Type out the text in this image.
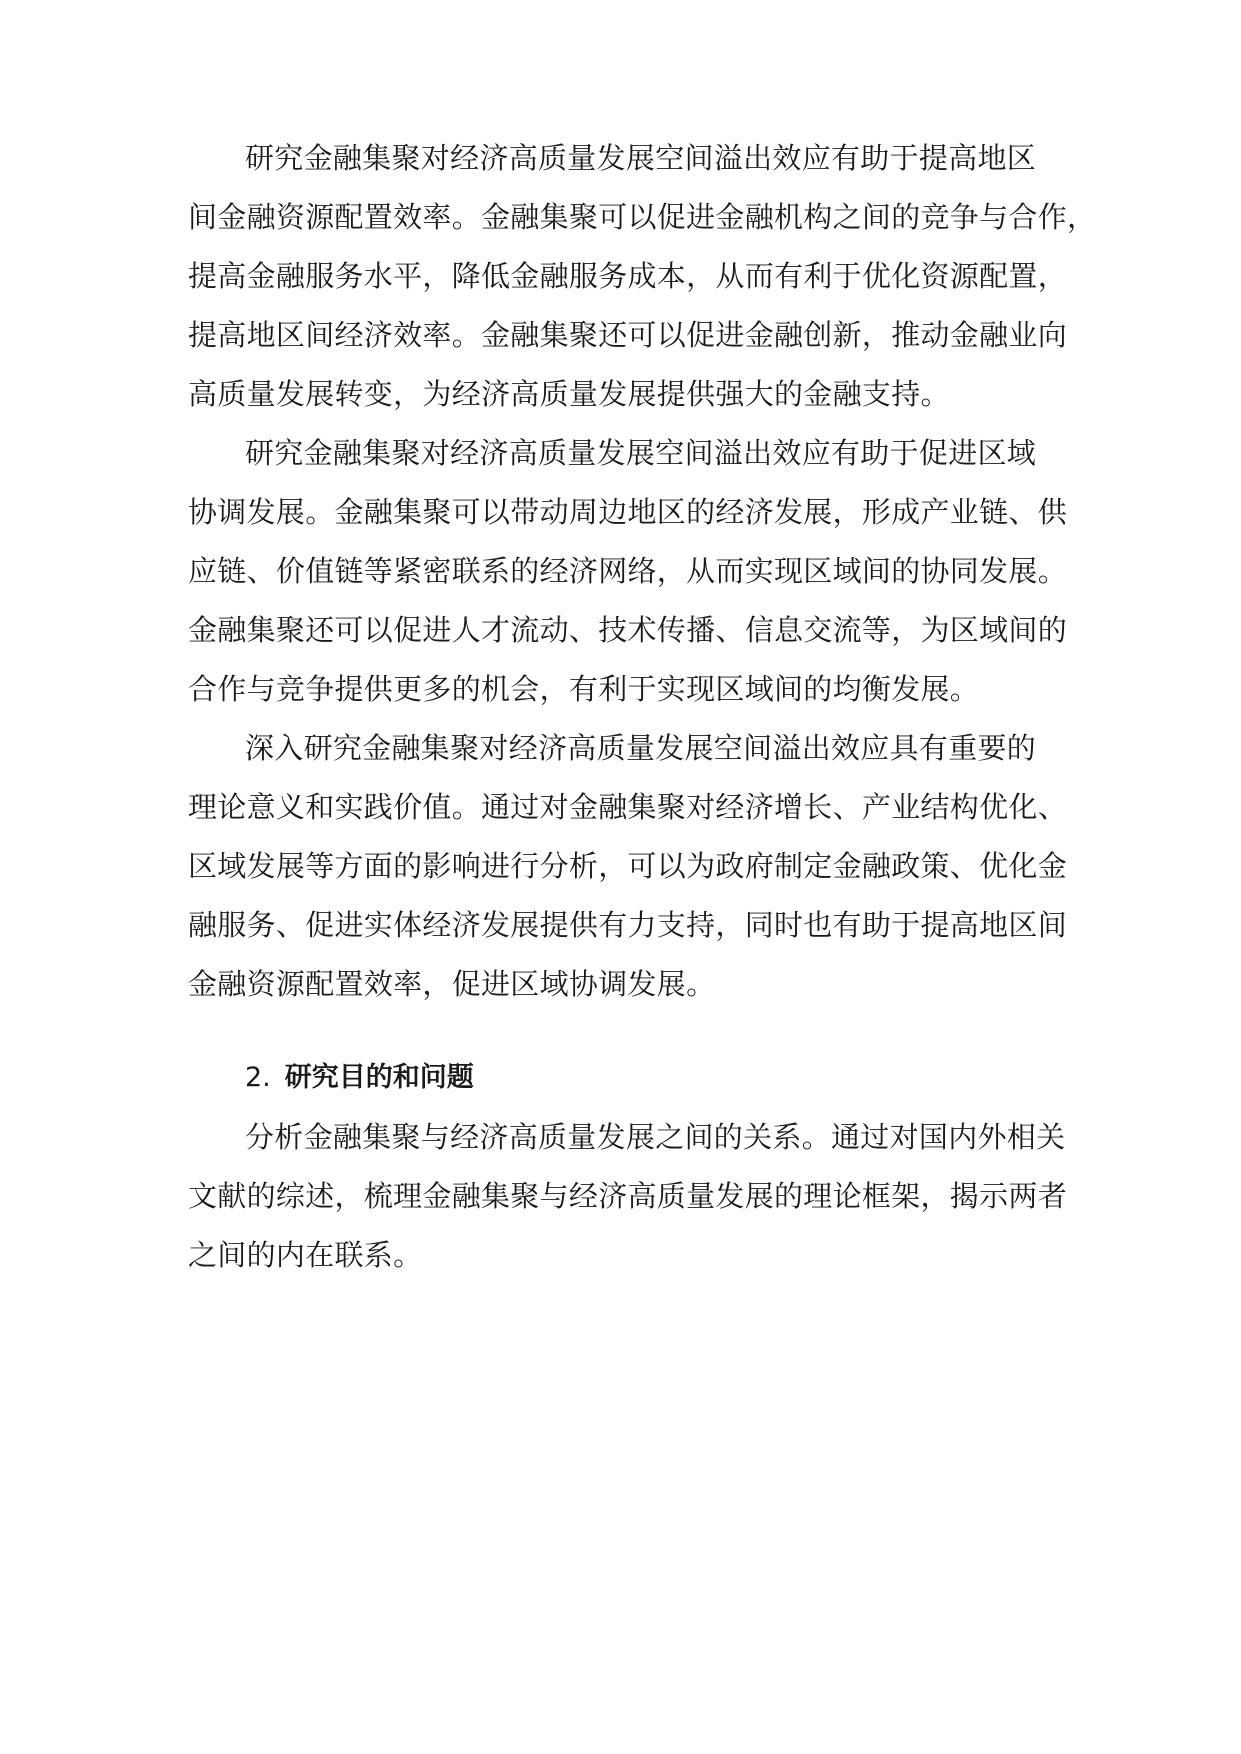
研究金融集聚对经济高质量发展空间溢出效应有助于提高地区
间金融资源配置效率。金融集聚可以促进金融机构之间的竞争与合作，
提高金融服务水平，降低金融服务成本，从而有利于优化资源配置，
提高地区间经济效率。金融集聚还可以促进金融创新，推动金融业向
高质量发展转变，为经济高质量发展提供强大的金融支持。
研究金融集聚对经济高质量发展空间溢出效应有助于促进区域
协调发展。金融集聚可以带动周边地区的经济发展，形成产业链、供
应链、价值链等紧密联系的经济网络，从而实现区域间的协同发展。
金融集聚还可以促进人才流动、技术传播、信息交流等，为区域间的
合作与竞争提供更多的机会，有利于实现区域间的均衡发展。
深入研究金融集聚对经济高质量发展空间溢出效应具有重要的
理论意义和实践价值。通过对金融集聚对经济增长、产业结构优化、
区域发展等方面的影响进行分析，可以为政府制定金融政策、优化金
融服务、促进实体经济发展提供有力支持，同时也有助于提高地区间
金融资源配置效率，促进区域协调发展。
2. 研究目的和问题
分析金融集聚与经济高质量发展之间的关系。通过对国内外相关
文献的综述，梳理金融集聚与经济高质量发展的理论框架，揭示两者
之间的内在联系。
